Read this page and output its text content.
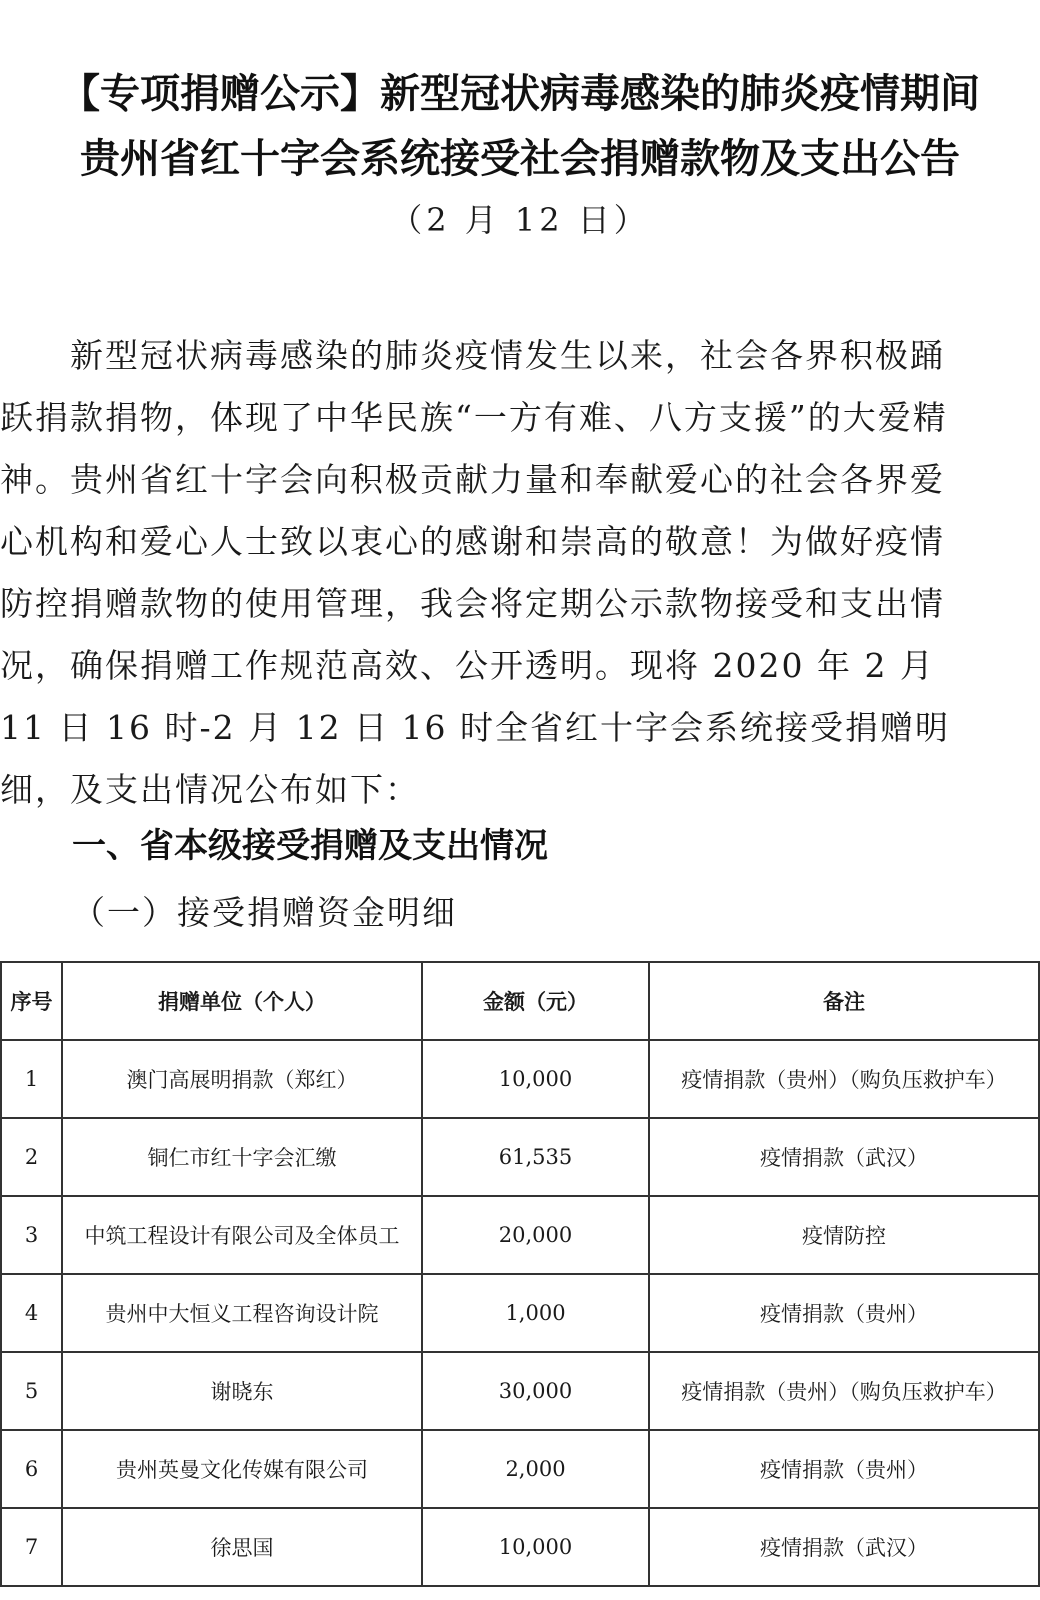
【专项捐赠公示】新型冠状病毒感染的肺炎疫情期间
贵州省红十字会系统接受社会捐赠款物及支出公告
（2 月 12 日）

新型冠状病毒感染的肺炎疫情发生以来，社会各界积极踊跃捐款捐物，体现了中华民族“一方有难、八方支援”的大爱精神。贵州省红十字会向积极贡献力量和奉献爱心的社会各界爱心机构和爱心人士致以衷心的感谢和崇高的敬意！为做好疫情防控捐赠款物的使用管理，我会将定期公示款物接受和支出情况，确保捐赠工作规范高效、公开透明。现将 2020 年 2 月 11 日 16 时-2 月 12 日 16 时全省红十字会系统接受捐赠明细，及支出情况公布如下：

一、省本级接受捐赠及支出情况
（一）接受捐赠资金明细
序号	捐赠单位（个人）	金额（元）	备注
1	澳门高展明捐款（郑红）	10,000	疫情捐款（贵州）（购负压救护车）
2	铜仁市红十字会汇缴	61,535	疫情捐款（武汉）
3	中筑工程设计有限公司及全体员工	20,000	疫情防控
4	贵州中大恒义工程咨询设计院	1,000	疫情捐款（贵州）
5	谢晓东	30,000	疫情捐款（贵州）（购负压救护车）
6	贵州英曼文化传媒有限公司	2,000	疫情捐款（贵州）
7	徐思国	10,000	疫情捐款（武汉）
